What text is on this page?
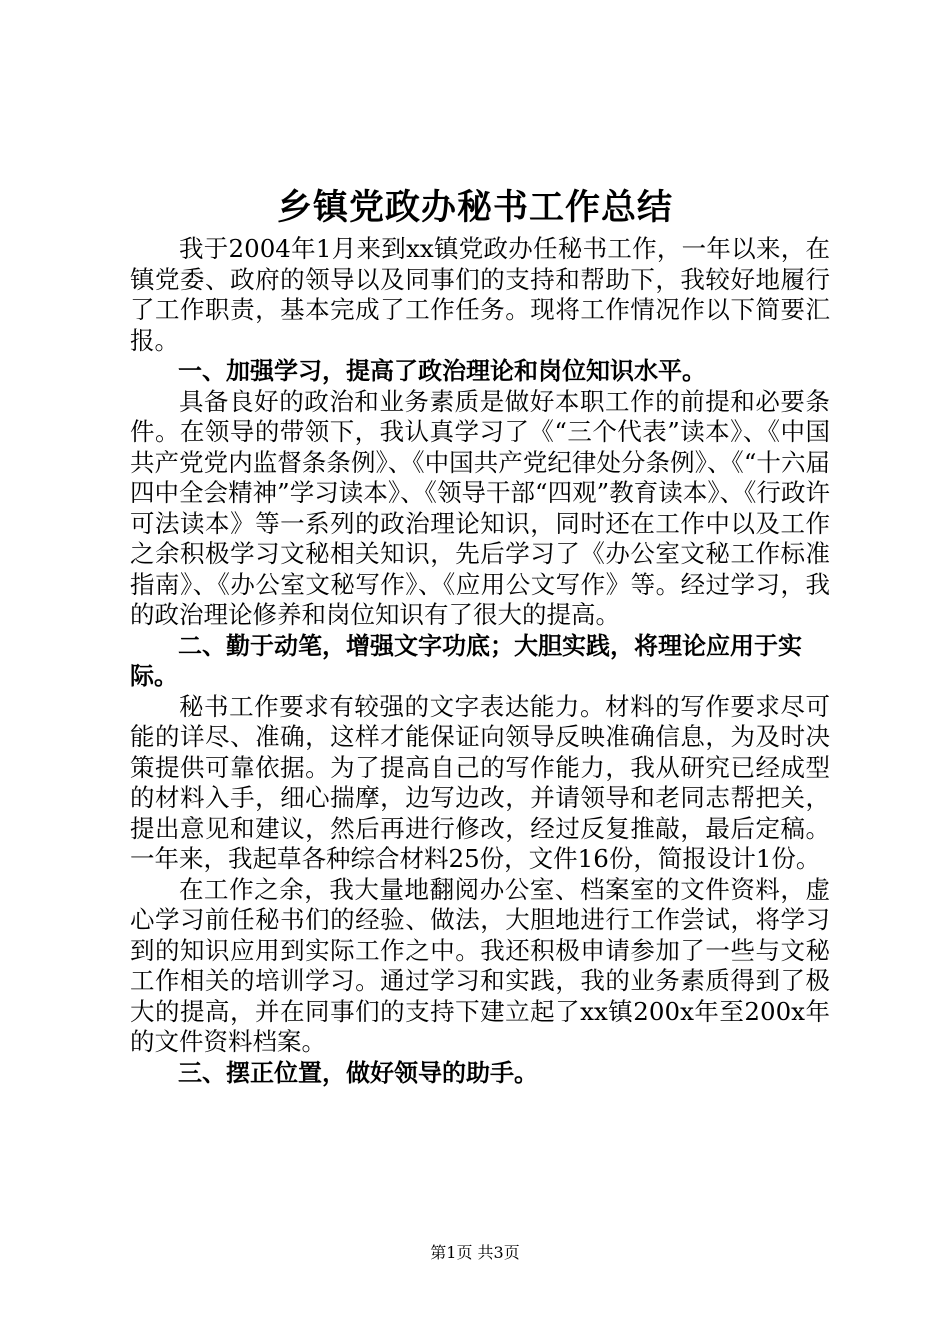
乡镇党政办秘书工作总结

我于2004年1月来到xx镇党政办任秘书工作，一年以来，在镇党委、政府的领导以及同事们的支持和帮助下，我较好地履行了工作职责，基本完成了工作任务。现将工作情况作以下简要汇报。

一、加强学习，提高了政治理论和岗位知识水平。

具备良好的政治和业务素质是做好本职工作的前提和必要条件。在领导的带领下，我认真学习了《“三个代表”读本》、《中国共产党党内监督条条例》、《中国共产党纪律处分条例》、《“十六届四中全会精神”学习读本》、《领导干部“四观”教育读本》、《行政许可法读本》等一系列的政治理论知识，同时还在工作中以及工作之余积极学习文秘相关知识，先后学习了《办公室文秘工作标准指南》、《办公室文秘写作》、《应用公文写作》等。经过学习，我的政治理论修养和岗位知识有了很大的提高。

二、勤于动笔，增强文字功底；大胆实践，将理论应用于实际。

秘书工作要求有较强的文字表达能力。材料的写作要求尽可能的详尽、准确，这样才能保证向领导反映准确信息，为及时决策提供可靠依据。为了提高自己的写作能力，我从研究已经成型的材料入手，细心揣摩，边写边改，并请领导和老同志帮把关，提出意见和建议，然后再进行修改，经过反复推敲，最后定稿。一年来，我起草各种综合材料25份，文件16份，简报设计1份。

在工作之余，我大量地翻阅办公室、档案室的文件资料，虚心学习前任秘书们的经验、做法，大胆地进行工作尝试，将学习到的知识应用到实际工作之中。我还积极申请参加了一些与文秘工作相关的培训学习。通过学习和实践，我的业务素质得到了极大的提高，并在同事们的支持下建立起了xx镇200x年至200x年的文件资料档案。

三、摆正位置，做好领导的助手。

第1页 共3页
